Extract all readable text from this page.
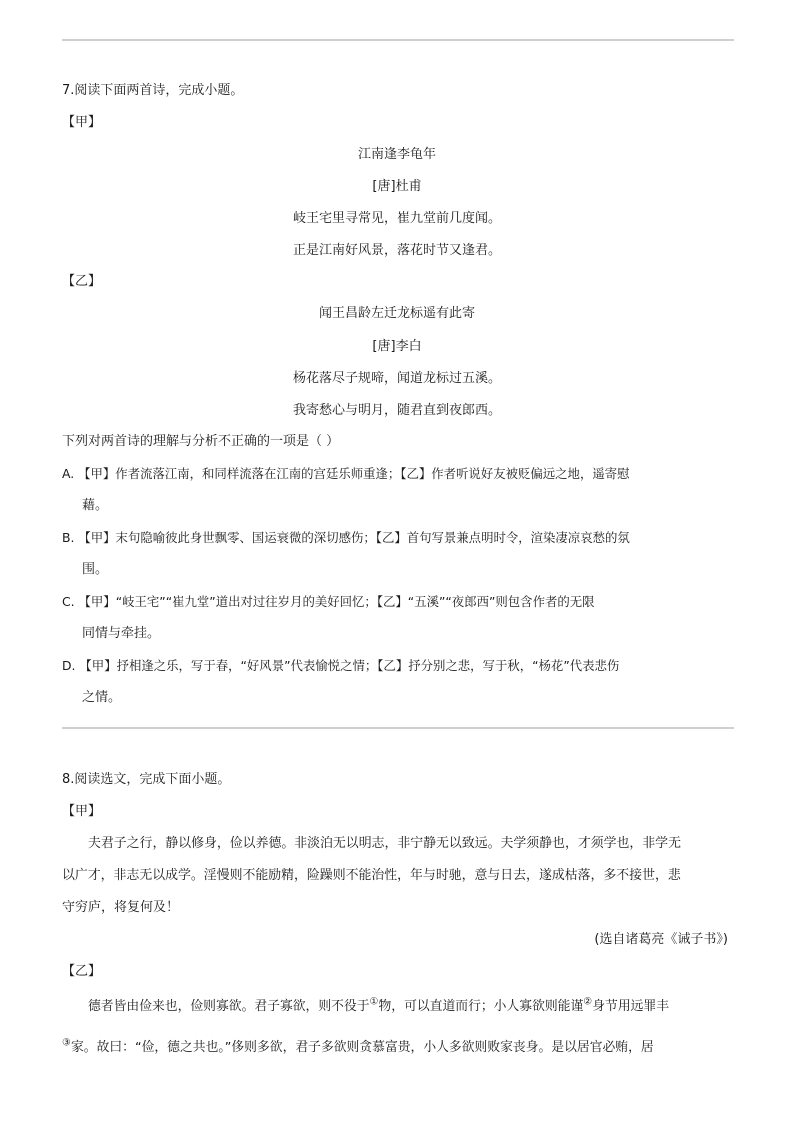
7.阅读下面两首诗，完成小题。
【甲】
江南逢李龟年
[唐]杜甫
岐王宅里寻常见，崔九堂前几度闻。
正是江南好风景，落花时节又逢君。
【乙】
闻王昌龄左迁龙标遥有此寄
[唐]李白
杨花落尽子规啼，闻道龙标过五溪。
我寄愁心与明月，随君直到夜郎西。
下列对两首诗的理解与分析不正确的一项是（ ）
A. 【甲】作者流落江南，和同样流落在江南的宫廷乐师重逢；【乙】作者听说好友被贬偏远之地，遥寄慰
藉。
B. 【甲】末句隐喻彼此身世飘零、国运衰微的深切感伤；【乙】首句写景兼点明时令，渲染凄凉哀愁的氛
围。
C. 【甲】“岐王宅”“崔九堂”道出对过往岁月的美好回忆；【乙】“五溪”“夜郎西”则包含作者的无限
同情与牵挂。
D. 【甲】抒相逢之乐，写于春，“好风景”代表愉悦之情；【乙】抒分别之悲，写于秋，“杨花”代表悲伤
之情。
8.阅读选文，完成下面小题。
【甲】
夫君子之行，静以修身，俭以养德。非淡泊无以明志，非宁静无以致远。夫学须静也，才须学也，非学无
以广才，非志无以成学。淫慢则不能励精，险躁则不能治性，年与时驰，意与日去，遂成枯落，多不接世，悲
守穷庐，将复何及！
(选自诸葛亮《诫子书》)
【乙】
德者皆由俭来也，俭则寡欲。君子寡欲，则不役于①物，可以直道而行；小人寡欲则能谨②身节用远罪丰
③家。故曰：“俭，德之共也。”侈则多欲，君子多欲则贪慕富贵，小人多欲则败家丧身。是以居官必贿，居
